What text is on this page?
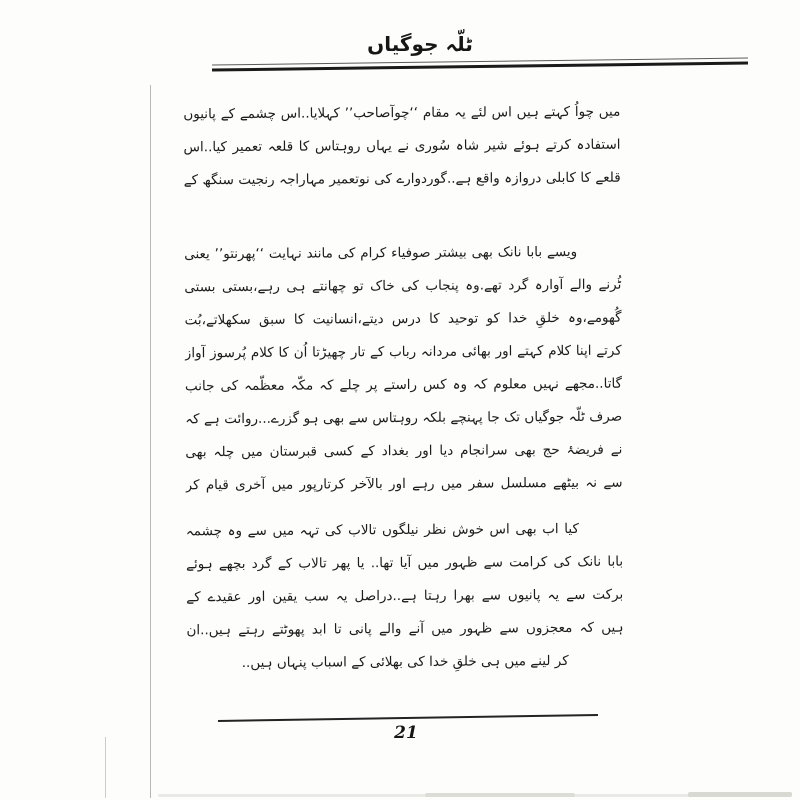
ٹلّہ جوگیاں
میں چواُ کہتے ہیں اس لئے یہ مقام ‘‘چوآصاحب’’ کہلایا..اس چشمے کے پانیوں
استفادہ کرتے ہوئے شیر شاہ سُوری نے یہاں روہتاس کا قلعہ تعمیر کیا..اس
قلعے کا کابلی دروازہ واقع ہے..گوردوارے کی نوتعمیر مہاراجہ رنجیت سنگھ کے
ویسے بابا نانک بھی بیشتر صوفیاء کرام کی مانند نہایت ‘‘پھرنتو’’ یعنی
ٹُرنے والے آوارہ گرد تھے.وہ پنجاب کی خاک تو چھانتے ہی رہے،بستی بستی
گُھومے،وہ خلقِ خدا کو توحید کا درس دیتے،انسانیت کا سبق سکھلاتے،بُت
کرتے اپنا کلام کہتے اور بھائی مردانہ رباب کے تار چھیڑتا اُن کا کلام پُرسوز آواز
گاتا..مجھے نہیں معلوم کہ وہ کس راستے پر چلے کہ مکّہ معظّمہ کی جانب
صرف ٹلّہ جوگیاں تک جا پہنچے بلکہ روہتاس سے بھی ہو گزرے...روائت ہے کہ
نے فریضۂ حج بھی سرانجام دیا اور بغداد کے کسی قبرستان میں چلہ بھی
سے نہ بیٹھے مسلسل سفر میں رہے اور بالآخر کرتارپور میں آخری قیام کر
کیا اب بھی اس خوش نظر نیلگوں تالاب کی تہہ میں سے وہ چشمہ
بابا نانک کی کرامت سے ظہور میں آیا تھا.. یا پھر تالاب کے گرد بچھے ہوئے
برکت سے یہ پانیوں سے بھرا رہتا ہے..دراصل یہ سب یقین اور عقیدے کے
ہیں کہ معجزوں سے ظہور میں آنے والے پانی تا ابد پھوٹتے رہتے ہیں..ان
کر لینے میں ہی خلقِ خدا کی بھلائی کے اسباب پنہاں ہیں..
21
